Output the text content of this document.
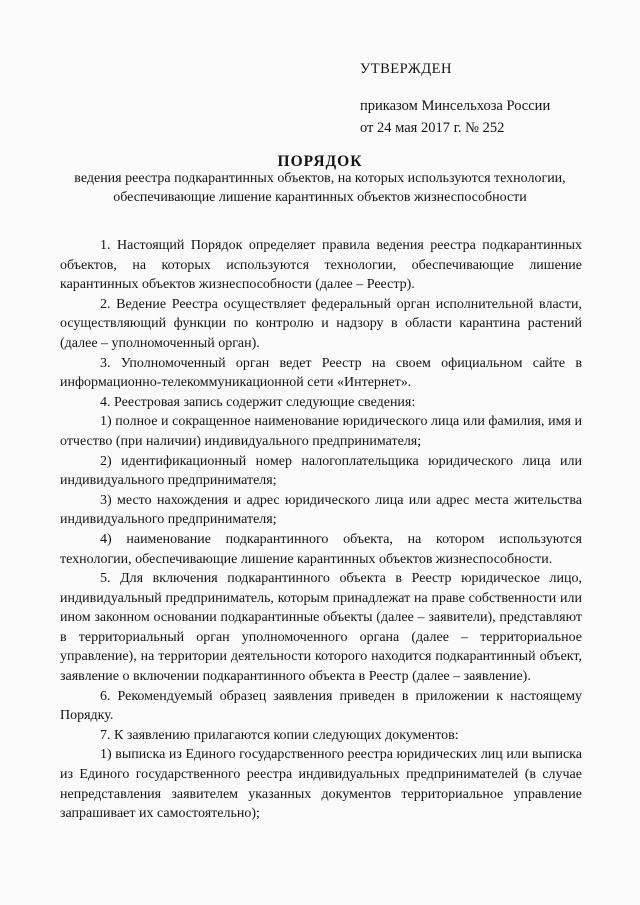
УТВЕРЖДЕН
приказом Минсельхоза России
от 24 мая 2017 г. № 252
ПОРЯДОК
ведения реестра подкарантинных объектов, на которых используются технологии, обеспечивающие лишение карантинных объектов жизнеспособности

1. Настоящий Порядок определяет правила ведения реестра подкарантинных объектов, на которых используются технологии, обеспечивающие лишение карантинных объектов жизнеспособности (далее – Реестр).

2. Ведение Реестра осуществляет федеральный орган исполнительной власти, осуществляющий функции по контролю и надзору в области карантина растений (далее – уполномоченный орган).

3. Уполномоченный орган ведет Реестр на своем официальном сайте в информационно-телекоммуникационной сети «Интернет».

4. Реестровая запись содержит следующие сведения:

1) полное и сокращенное наименование юридического лица или фамилия, имя и отчество (при наличии) индивидуального предпринимателя;

2) идентификационный номер налогоплательщика юридического лица или индивидуального предпринимателя;

3) место нахождения и адрес юридического лица или адрес места жительства индивидуального предпринимателя;

4) наименование подкарантинного объекта, на котором используются технологии, обеспечивающие лишение карантинных объектов жизнеспособности.

5. Для включения подкарантинного объекта в Реестр юридическое лицо, индивидуальный предприниматель, которым принадлежат на праве собственности или ином законном основании подкарантинные объекты (далее – заявители), представляют в территориальный орган уполномоченного органа (далее – территориальное управление), на территории деятельности которого находится подкарантинный объект, заявление о включении подкарантинного объекта в Реестр (далее – заявление).

6. Рекомендуемый образец заявления приведен в приложении к настоящему Порядку.

7. К заявлению прилагаются копии следующих документов:

1) выписка из Единого государственного реестра юридических лиц или выписка из Единого государственного реестра индивидуальных предпринимателей (в случае непредставления заявителем указанных документов территориальное управление запрашивает их самостоятельно);
